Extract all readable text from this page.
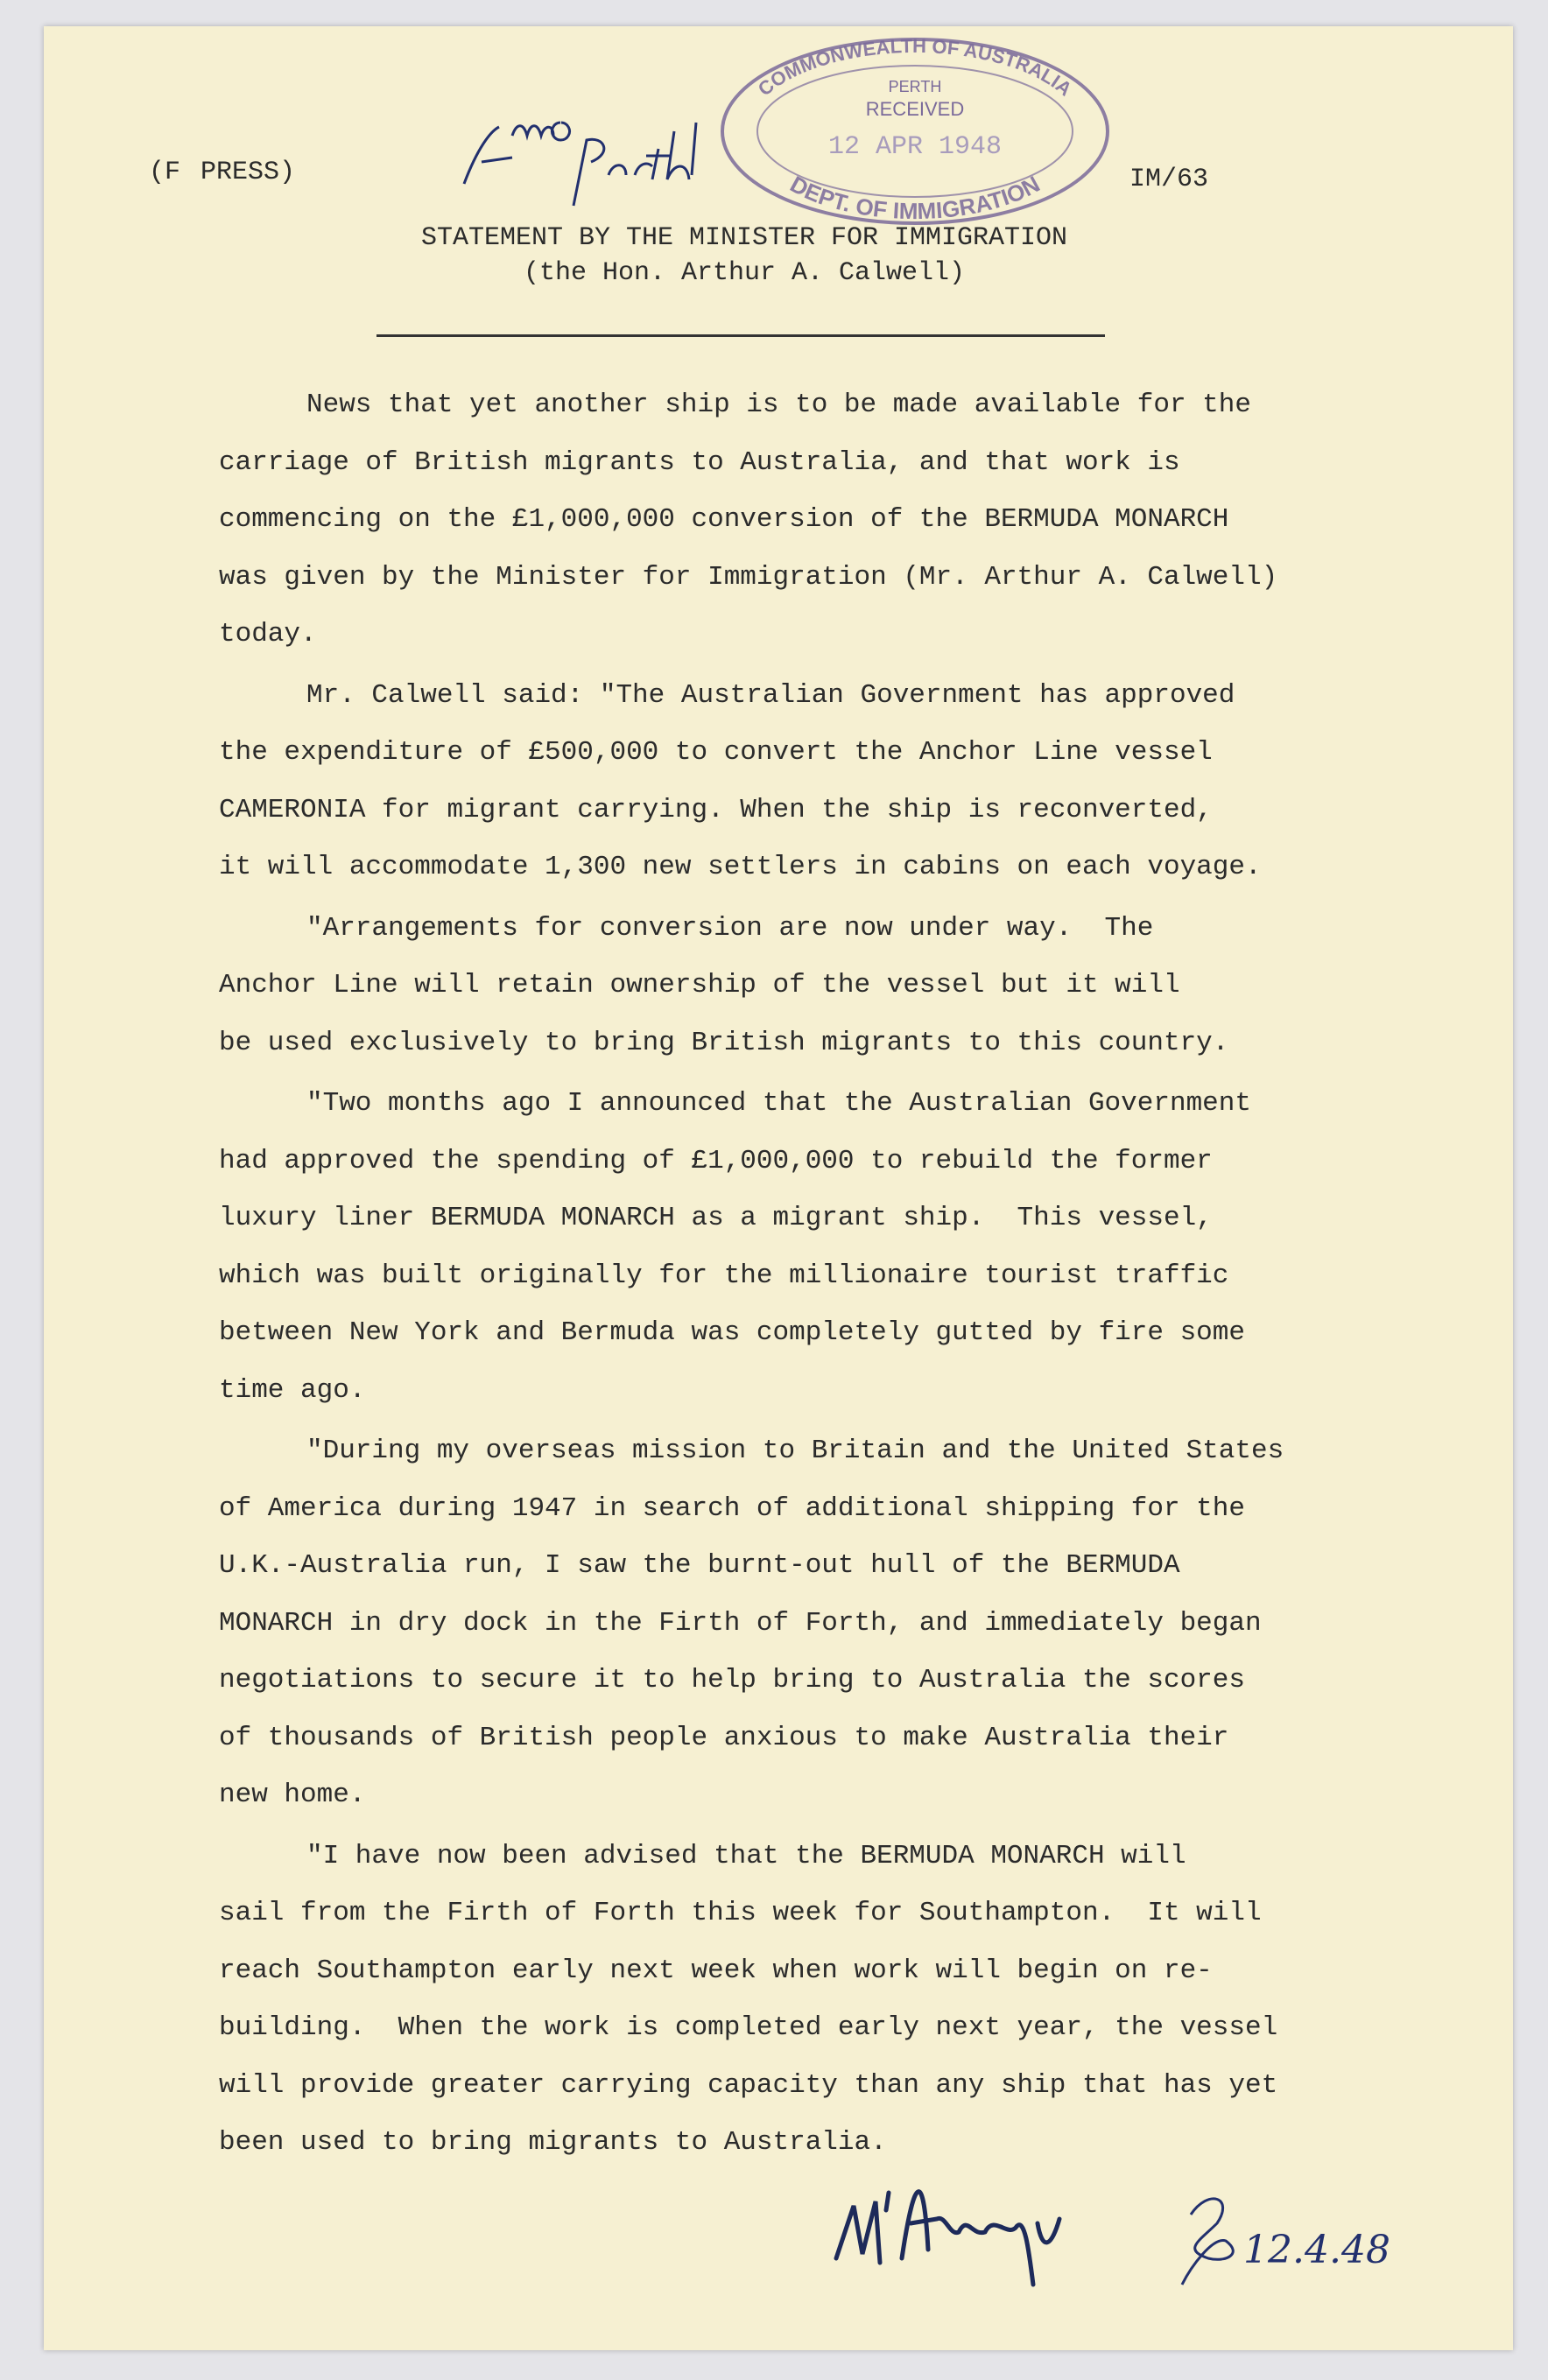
COMMONWEALTH OF AUSTRALIA
DEPT. OF IMMIGRATION
PERTH
RECEIVED
12 APR 1948
(F  PRESS)	IM/63
STATEMENT BY THE MINISTER FOR IMMIGRATION
(the Hon. Arthur A. Calwell)
News that yet another ship is to be made available for the
carriage of British migrants to Australia, and that work is
commencing on the £1,000,000 conversion of the BERMUDA MONARCH
was given by the Minister for Immigration (Mr. Arthur A. Calwell)
today.
Mr. Calwell said: "The Australian Government has approved
the expenditure of £500,000 to convert the Anchor Line vessel
CAMERONIA for migrant carrying. When the ship is reconverted,
it will accommodate 1,300 new settlers in cabins on each voyage.
"Arrangements for conversion are now under way.  The
Anchor Line will retain ownership of the vessel but it will
be used exclusively to bring British migrants to this country.
"Two months ago I announced that the Australian Government
had approved the spending of £1,000,000 to rebuild the former
luxury liner BERMUDA MONARCH as a migrant ship.  This vessel,
which was built originally for the millionaire tourist traffic
between New York and Bermuda was completely gutted by fire some
time ago.
"During my overseas mission to Britain and the United States
of America during 1947 in search of additional shipping for the
U.K.-Australia run, I saw the burnt-out hull of the BERMUDA
MONARCH in dry dock in the Firth of Forth, and immediately began
negotiations to secure it to help bring to Australia the scores
of thousands of British people anxious to make Australia their
new home.
"I have now been advised that the BERMUDA MONARCH will
sail from the Firth of Forth this week for Southampton.  It will
reach Southampton early next week when work will begin on re-
building.  When the work is completed early next year, the vessel
will provide greater carrying capacity than any ship that has yet
been used to bring migrants to Australia.
12.4.48
